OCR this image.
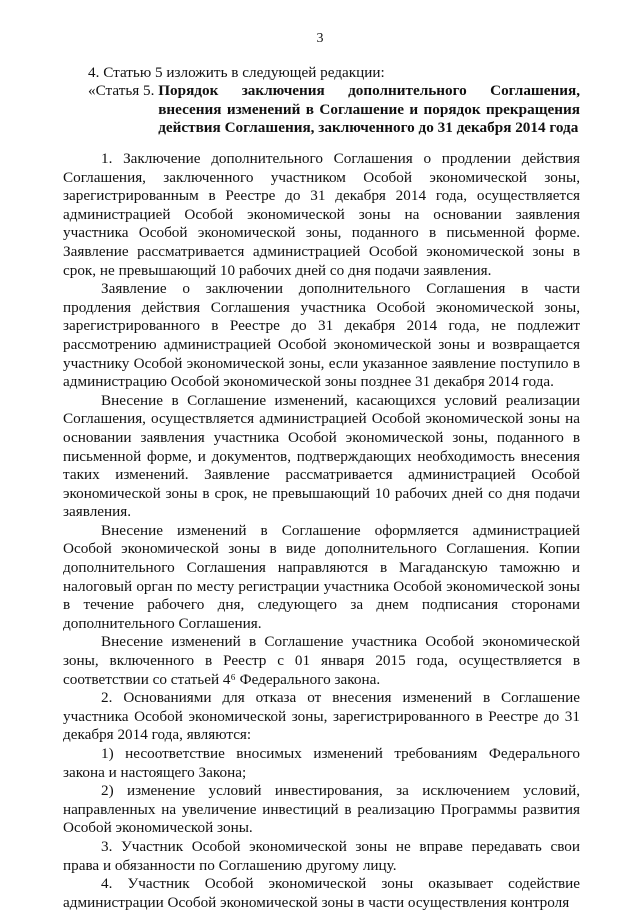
3
4. Статью 5 изложить в следующей редакции:
«Статья 5. Порядок заключения дополнительного Соглашения, внесения изменений в Соглашение и порядок прекращения действия Соглашения, заключенного до 31 декабря 2014 года

1. Заключение дополнительного Соглашения о продлении действия Соглашения, заключенного участником Особой экономической зоны, зарегистрированным в Реестре до 31 декабря 2014 года, осуществляется администрацией Особой экономической зоны на основании заявления участника Особой экономической зоны, поданного в письменной форме. Заявление рассматривается администрацией Особой экономической зоны в срок, не превышающий 10 рабочих дней со дня подачи заявления.

Заявление о заключении дополнительного Соглашения в части продления действия Соглашения участника Особой экономической зоны, зарегистрированного в Реестре до 31 декабря 2014 года, не подлежит рассмотрению администрацией Особой экономической зоны и возвращается участнику Особой экономической зоны, если указанное заявление поступило в администрацию Особой экономической зоны позднее 31 декабря 2014 года.

Внесение в Соглашение изменений, касающихся условий реализации Соглашения, осуществляется администрацией Особой экономической зоны на основании заявления участника Особой экономической зоны, поданного в письменной форме, и документов, подтверждающих необходимость внесения таких изменений. Заявление рассматривается администрацией Особой экономической зоны в срок, не превышающий 10 рабочих дней со дня подачи заявления.

Внесение изменений в Соглашение оформляется администрацией Особой экономической зоны в виде дополнительного Соглашения. Копии дополнительного Соглашения направляются в Магаданскую таможню и налоговый орган по месту регистрации участника Особой экономической зоны в течение рабочего дня, следующего за днем подписания сторонами дополнительного Соглашения.

Внесение изменений в Соглашение участника Особой экономической зоны, включенного в Реестр с 01 января 2015 года, осуществляется в соответствии со статьей 4⁶ Федерального закона.

2. Основаниями для отказа от внесения изменений в Соглашение участника Особой экономической зоны, зарегистрированного в Реестре до 31 декабря 2014 года, являются:

1) несоответствие вносимых изменений требованиям Федерального закона и настоящего Закона;

2) изменение условий инвестирования, за исключением условий, направленных на увеличение инвестиций в реализацию Программы развития Особой экономической зоны.

3. Участник Особой экономической зоны не вправе передавать свои права и обязанности по Соглашению другому лицу.

4. Участник Особой экономической зоны оказывает содействие администрации Особой экономической зоны в части осуществления контроля
